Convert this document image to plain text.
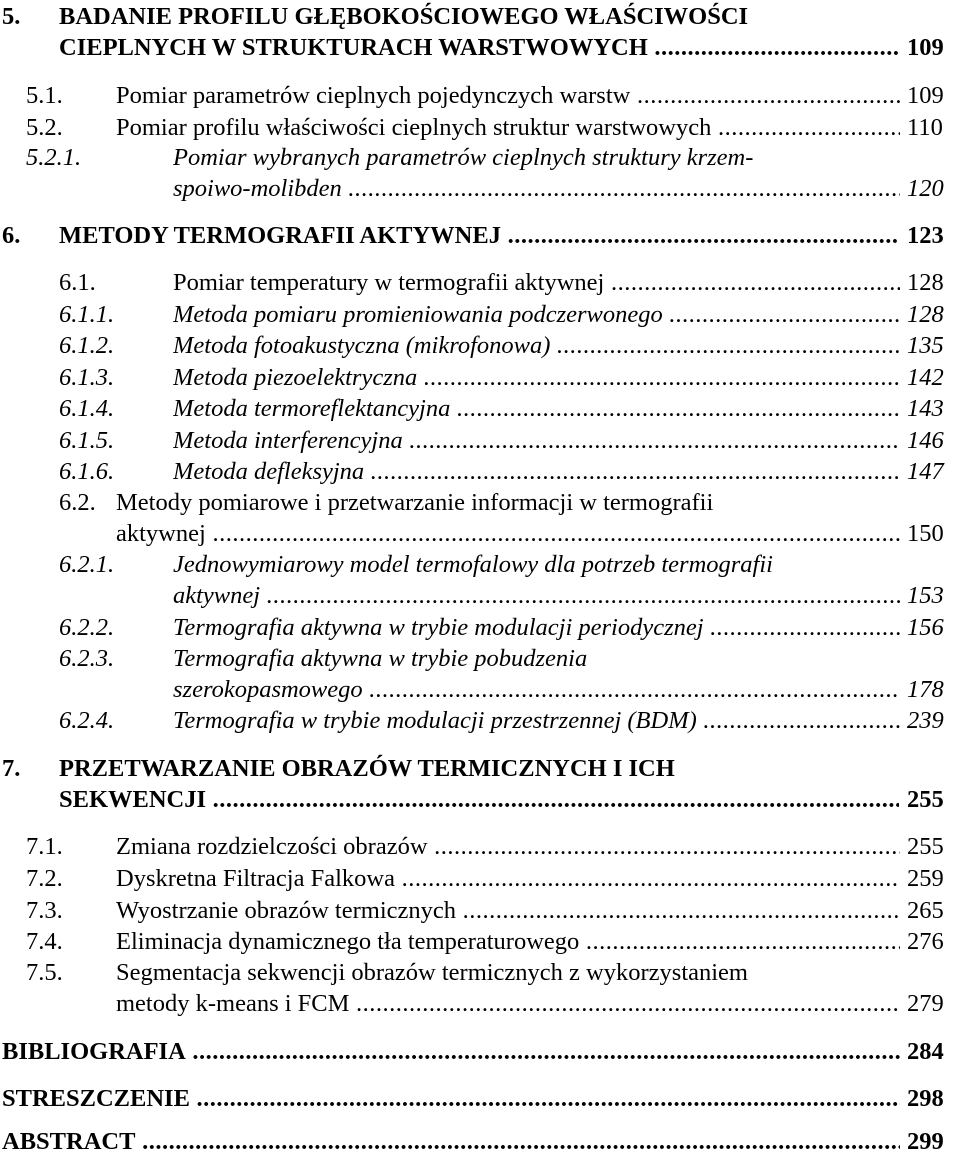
5. BADANIE PROFILU GŁĘBOKOŚCIOWEGO WŁAŚCIWOŚCI
CIEPLNYCH W STRUKTURACH WARSTWOWYCH .....	109
5.1. Pomiar parametrów cieplnych pojedynczych warstw .....	109
5.2. Pomiar profilu właściwości cieplnych struktur warstwowych .....	110
5.2.1.	Pomiar wybranych parametrów cieplnych struktury krzem-
spoiwo-molibden .....	120
6. METODY TERMOGRAFII AKTYWNEJ .....	123
6.1.	Pomiar temperatury w termografii aktywnej .....	128
6.1.1. Metoda pomiaru promieniowania podczerwonego .....	128
6.1.2. Metoda fotoakustyczna (mikrofonowa) .....	135
6.1.3. Metoda piezoelektryczna .....	142
6.1.4. Metoda termoreflektancyjna .....	143
6.1.5. Metoda interferencyjna .....	146
6.1.6. Metoda defleksyjna .....	147
6.2. Metody pomiarowe i przetwarzanie informacji w termografii
aktywnej .....	150
6.2.1. Jednowymiarowy model termofalowy dla potrzeb termografii
aktywnej .....	153
6.2.2. Termografia aktywna w trybie modulacji periodycznej .....	156
6.2.3. Termografia aktywna w trybie pobudzenia
szerokopasmowego .....	178
6.2.4. Termografia w trybie modulacji przestrzennej (BDM) .....	239
7. PRZETWARZANIE OBRAZÓW TERMICZNYCH I ICH
SEKWENCJI .....	255
7.1. Zmiana rozdzielczości obrazów .....	255
7.2. Dyskretna Filtracja Falkowa .....	259
7.3. Wyostrzanie obrazów termicznych .....	265
7.4. Eliminacja dynamicznego tła temperaturowego .....	276
7.5. Segmentacja sekwencji obrazów termicznych z wykorzystaniem
metody k-means i FCM .....	279
BIBLIOGRAFIA .....	284
STRESZCZENIE .....	298
ABSTRACT .....	299
